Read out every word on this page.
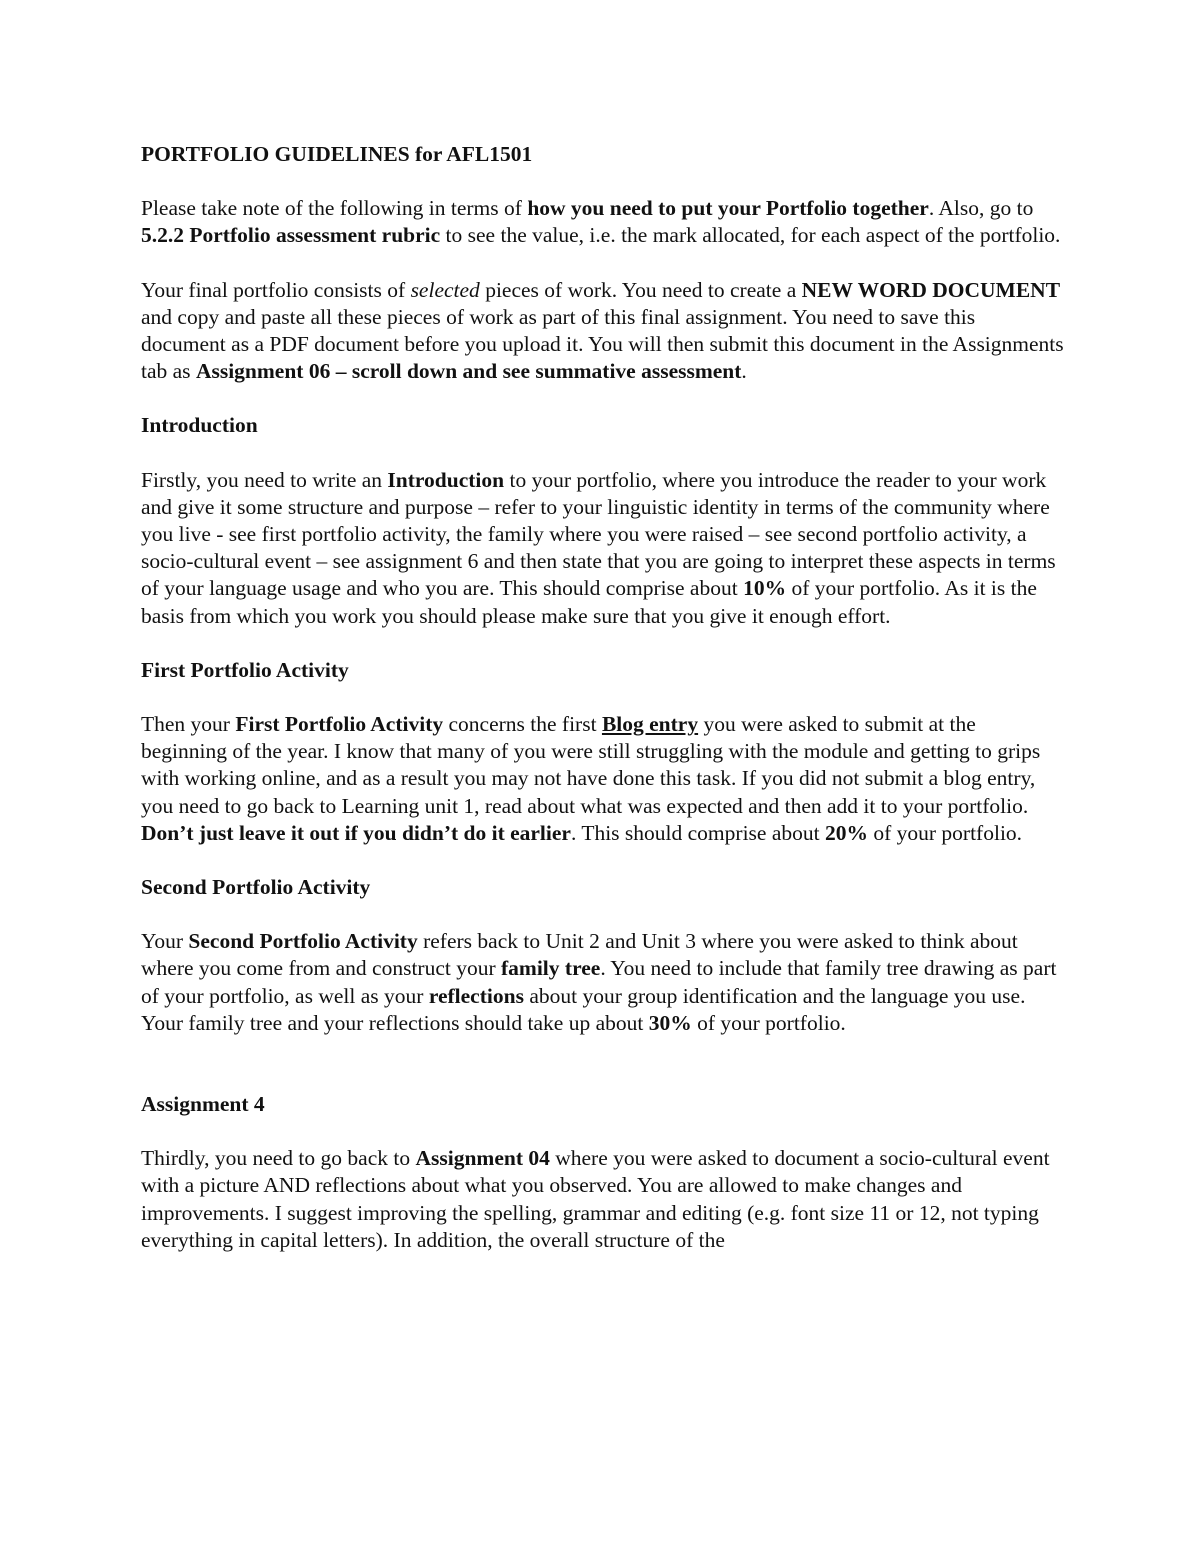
PORTFOLIO GUIDELINES for AFL1501

Please take note of the following in terms of how you need to put your Portfolio together. Also, go to 5.2.2 Portfolio assessment rubric to see the value, i.e. the mark allocated, for each aspect of the portfolio.

Your final portfolio consists of selected pieces of work. You need to create a NEW WORD DOCUMENT and copy and paste all these pieces of work as part of this final assignment. You need to save this document as a PDF document before you upload it. You will then submit this document in the Assignments tab as Assignment 06 – scroll down and see summative assessment.

Introduction

Firstly, you need to write an Introduction to your portfolio, where you introduce the reader to your work and give it some structure and purpose – refer to your linguistic identity in terms of the community where you live - see first portfolio activity, the family where you were raised – see second portfolio activity, a socio-cultural event – see assignment 6 and then state that you are going to interpret these aspects in terms of your language usage and who you are. This should comprise about 10% of your portfolio. As it is the basis from which you work you should please make sure that you give it enough effort.

First Portfolio Activity

Then your First Portfolio Activity concerns the first Blog entry you were asked to submit at the beginning of the year. I know that many of you were still struggling with the module and getting to grips with working online, and as a result you may not have done this task. If you did not submit a blog entry, you need to go back to Learning unit 1, read about what was expected and then add it to your portfolio. Don’t just leave it out if you didn’t do it earlier. This should comprise about 20% of your portfolio.

Second Portfolio Activity

Your Second Portfolio Activity refers back to Unit 2 and Unit 3 where you were asked to think about where you come from and construct your family tree. You need to include that family tree drawing as part of your portfolio, as well as your reflections about your group identification and the language you use. Your family tree and your reflections should take up about 30% of your portfolio.

Assignment 4

Thirdly, you need to go back to Assignment 04 where you were asked to document a socio-cultural event with a picture AND reflections about what you observed. You are allowed to make changes and improvements. I suggest improving the spelling, grammar and editing (e.g. font size 11 or 12, not typing everything in capital letters). In addition, the overall structure of the
